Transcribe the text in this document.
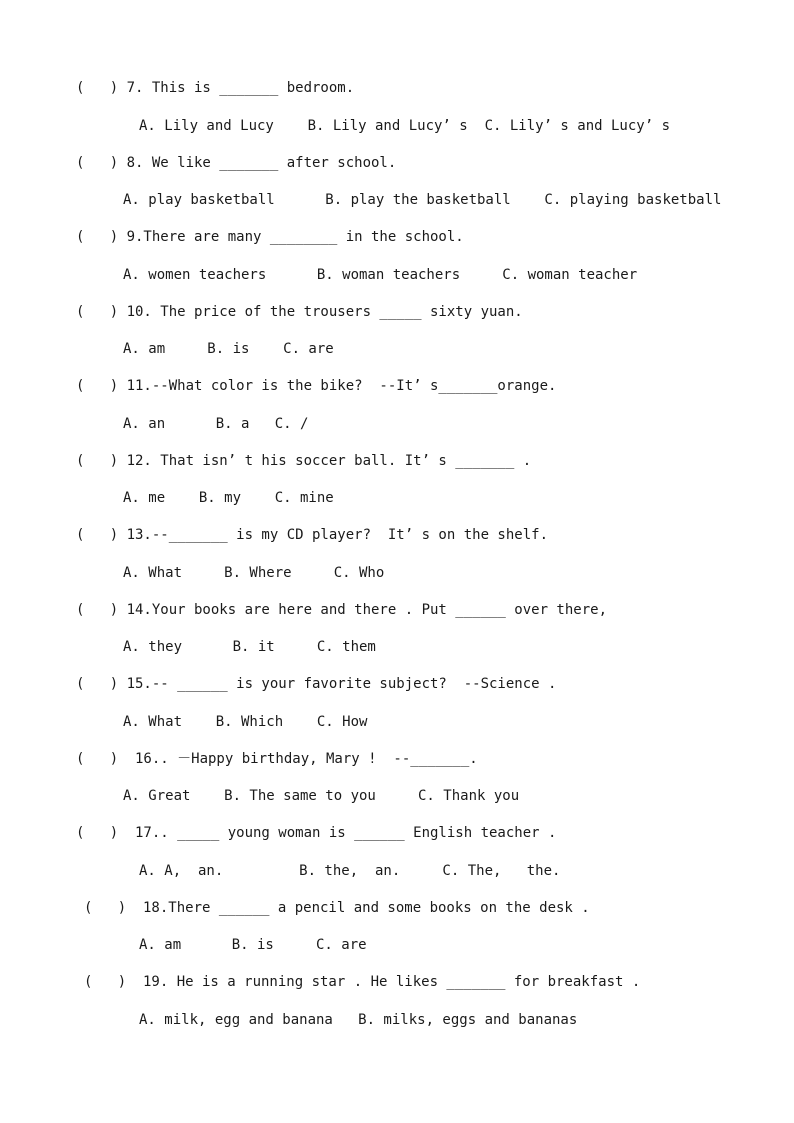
(   ) 7. This is _______ bedroom.
A. Lily and Lucy    B. Lily and Lucy’ s  C. Lily’ s and Lucy’ s
(   ) 8. We like _______ after school.
A. play basketball      B. play the basketball    C. playing basketball
(   ) 9.There are many ________ in the school.
A. women teachers      B. woman teachers     C. woman teacher
(   ) 10. The price of the trousers _____ sixty yuan.
A. am     B. is    C. are
(   ) 11.--What color is the bike?  --It’ s_______orange.
A. an      B. a   C. /
(   ) 12. That isn’ t his soccer ball. It’ s _______ .
A. me    B. my    C. mine
(   ) 13.--_______ is my CD player?  It’ s on the shelf.
A. What     B. Where     C. Who
(   ) 14.Your books are here and there . Put ______ over there,
A. they      B. it     C. them
(   ) 15.-- ______ is your favorite subject?  --Science .
A. What    B. Which    C. How
(   )  16.. －Happy birthday, Mary !  --_______.
A. Great    B. The same to you     C. Thank you
(   )  17.. _____ young woman is ______ English teacher .
A. A,  an.         B. the,  an.     C. The,   the.
(   )  18.There ______ a pencil and some books on the desk .
A. am      B. is     C. are
(   )  19. He is a running star . He likes _______ for breakfast .
A. milk, egg and banana   B. milks, eggs and bananas
